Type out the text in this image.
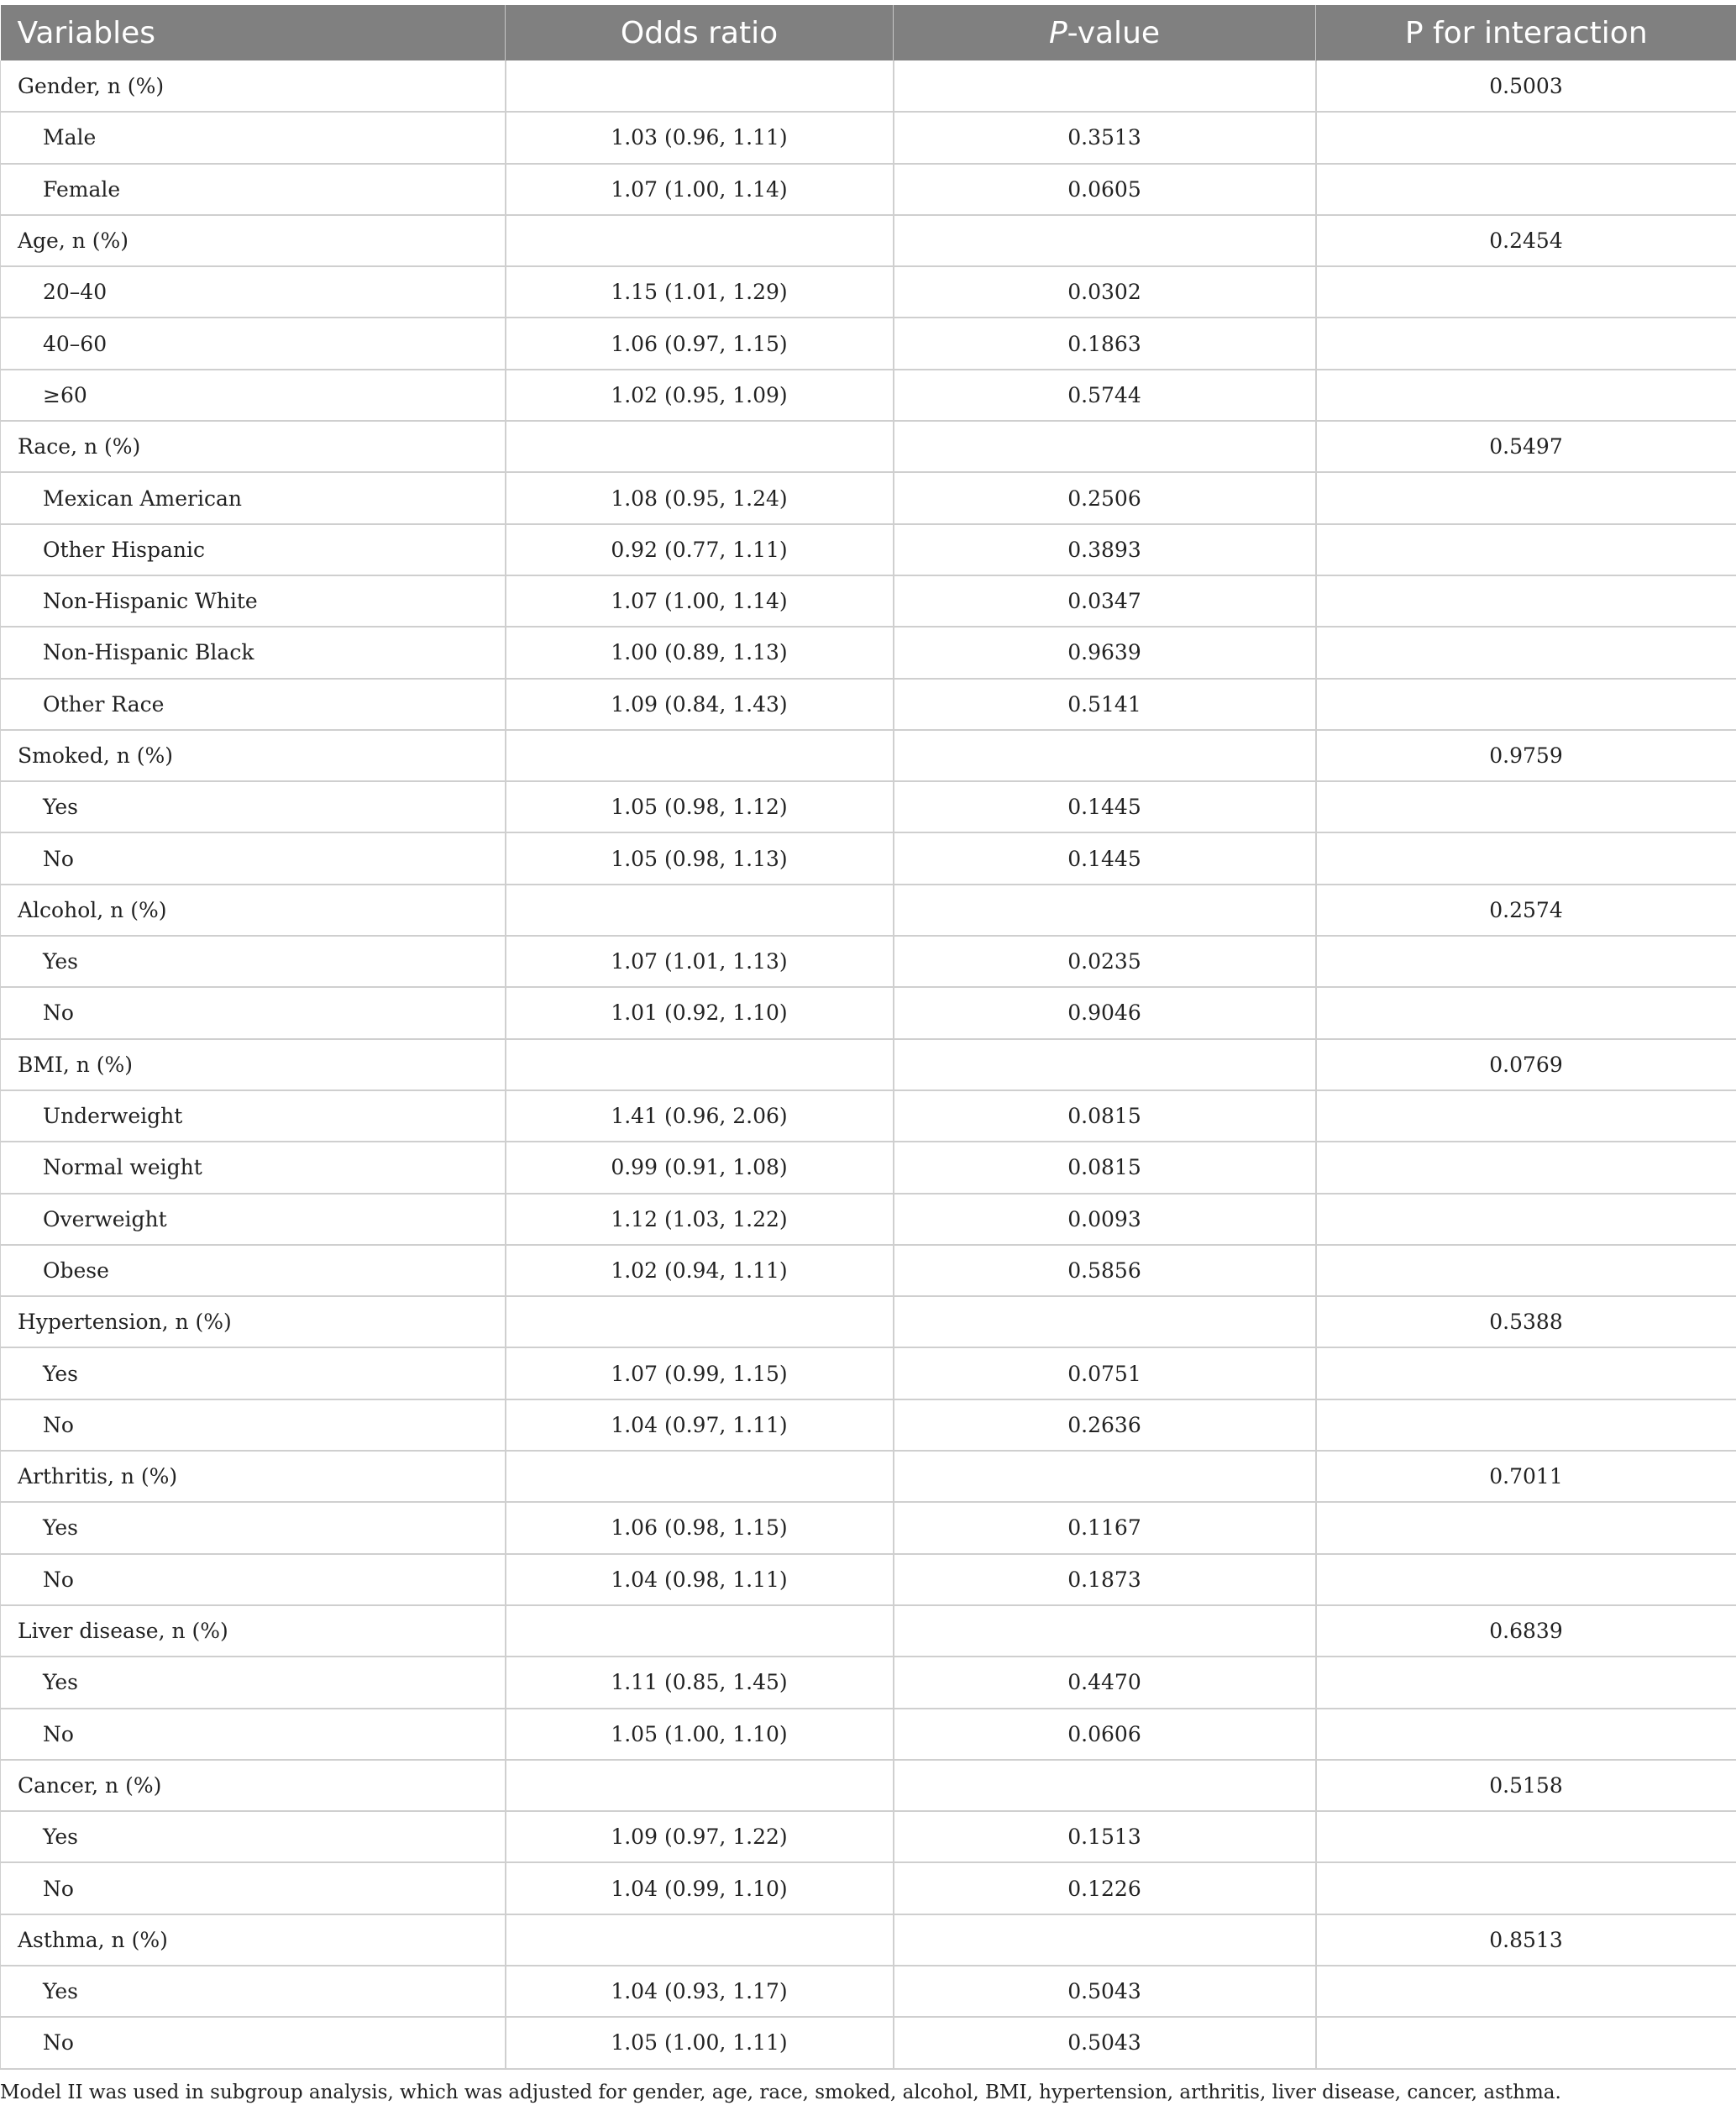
Variables	Odds ratio	P-value	P for interaction
Gender, n (%)			0.5003
Male	1.03 (0.96, 1.11)	0.3513	
Female	1.07 (1.00, 1.14)	0.0605	
Age, n (%)			0.2454
20–40	1.15 (1.01, 1.29)	0.0302	
40–60	1.06 (0.97, 1.15)	0.1863	
≥60	1.02 (0.95, 1.09)	0.5744	
Race, n (%)			0.5497
Mexican American	1.08 (0.95, 1.24)	0.2506	
Other Hispanic	0.92 (0.77, 1.11)	0.3893	
Non-Hispanic White	1.07 (1.00, 1.14)	0.0347	
Non-Hispanic Black	1.00 (0.89, 1.13)	0.9639	
Other Race	1.09 (0.84, 1.43)	0.5141	
Smoked, n (%)			0.9759
Yes	1.05 (0.98, 1.12)	0.1445	
No	1.05 (0.98, 1.13)	0.1445	
Alcohol, n (%)			0.2574
Yes	1.07 (1.01, 1.13)	0.0235	
No	1.01 (0.92, 1.10)	0.9046	
BMI, n (%)			0.0769
Underweight	1.41 (0.96, 2.06)	0.0815	
Normal weight	0.99 (0.91, 1.08)	0.0815	
Overweight	1.12 (1.03, 1.22)	0.0093	
Obese	1.02 (0.94, 1.11)	0.5856	
Hypertension, n (%)			0.5388
Yes	1.07 (0.99, 1.15)	0.0751	
No	1.04 (0.97, 1.11)	0.2636	
Arthritis, n (%)			0.7011
Yes	1.06 (0.98, 1.15)	0.1167	
No	1.04 (0.98, 1.11)	0.1873	
Liver disease, n (%)			0.6839
Yes	1.11 (0.85, 1.45)	0.4470	
No	1.05 (1.00, 1.10)	0.0606	
Cancer, n (%)			0.5158
Yes	1.09 (0.97, 1.22)	0.1513	
No	1.04 (0.99, 1.10)	0.1226	
Asthma, n (%)			0.8513
Yes	1.04 (0.93, 1.17)	0.5043	
No	1.05 (1.00, 1.11)	0.5043	
Model II was used in subgroup analysis, which was adjusted for gender, age, race, smoked, alcohol, BMI, hypertension, arthritis, liver disease, cancer, asthma.
